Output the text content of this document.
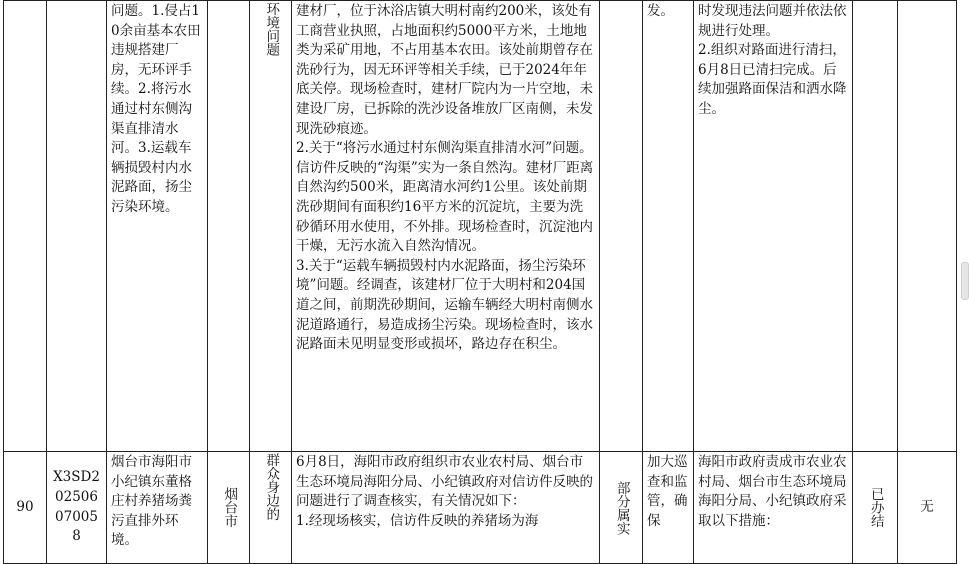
		问题。1.侵占10余亩基本农田违规搭建厂房，无环评手续。2.将污水通过村东侧沟渠直排清水河。3.运载车辆损毁村内水泥路面，扬尘污染环境。		环境问题	建材厂，位于沐浴店镇大明村南约200米，该处有工商营业执照，占地面积约5000平方米，土地地类为采矿用地，不占用基本农田。该处前期曾存在洗砂行为，因无环评等相关手续，已于2024年年底关停。现场检查时，建材厂院内为一片空地，未建设厂房，已拆除的洗沙设备堆放厂区南侧，未发现洗砂痕迹。
2.关于“将污水通过村东侧沟渠直排清水河”问题。信访件反映的“沟渠”实为一条自然沟。建材厂距离自然沟约500米，距离清水河约1公里。该处前期洗砂期间有面积约16平方米的沉淀坑，主要为洗砂循环用水使用，不外排。现场检查时，沉淀池内干燥，无污水流入自然沟情况。
3.关于“运载车辆损毁村内水泥路面，扬尘污染环境”问题。经调查，该建材厂位于大明村和204国道之间，前期洗砂期间，运输车辆经大明村南侧水泥道路通行，易造成扬尘污染。现场检查时，该水泥路面未见明显变形或损坏，路边存在积尘。		发。	时发现违法问题并依法依规进行处理。
2.组织对路面进行清扫，6月8日已清扫完成。后续加强路面保洁和洒水降尘。		

90	X3SD202506070058	烟台市海阳市小纪镇东董格庄村养猪场粪污直排外环境。	烟台市	群众身边的	6月8日，海阳市政府组织市农业农村局、烟台市生态环境局海阳分局、小纪镇政府对信访件反映的问题进行了调查核实，有关情况如下：
1.经现场核实，信访件反映的养猪场为海	部分属实	加大巡查和监管，确保	海阳市政府责成市农业农村局、烟台市生态环境局海阳分局、小纪镇政府采取以下措施：	已办结	无
